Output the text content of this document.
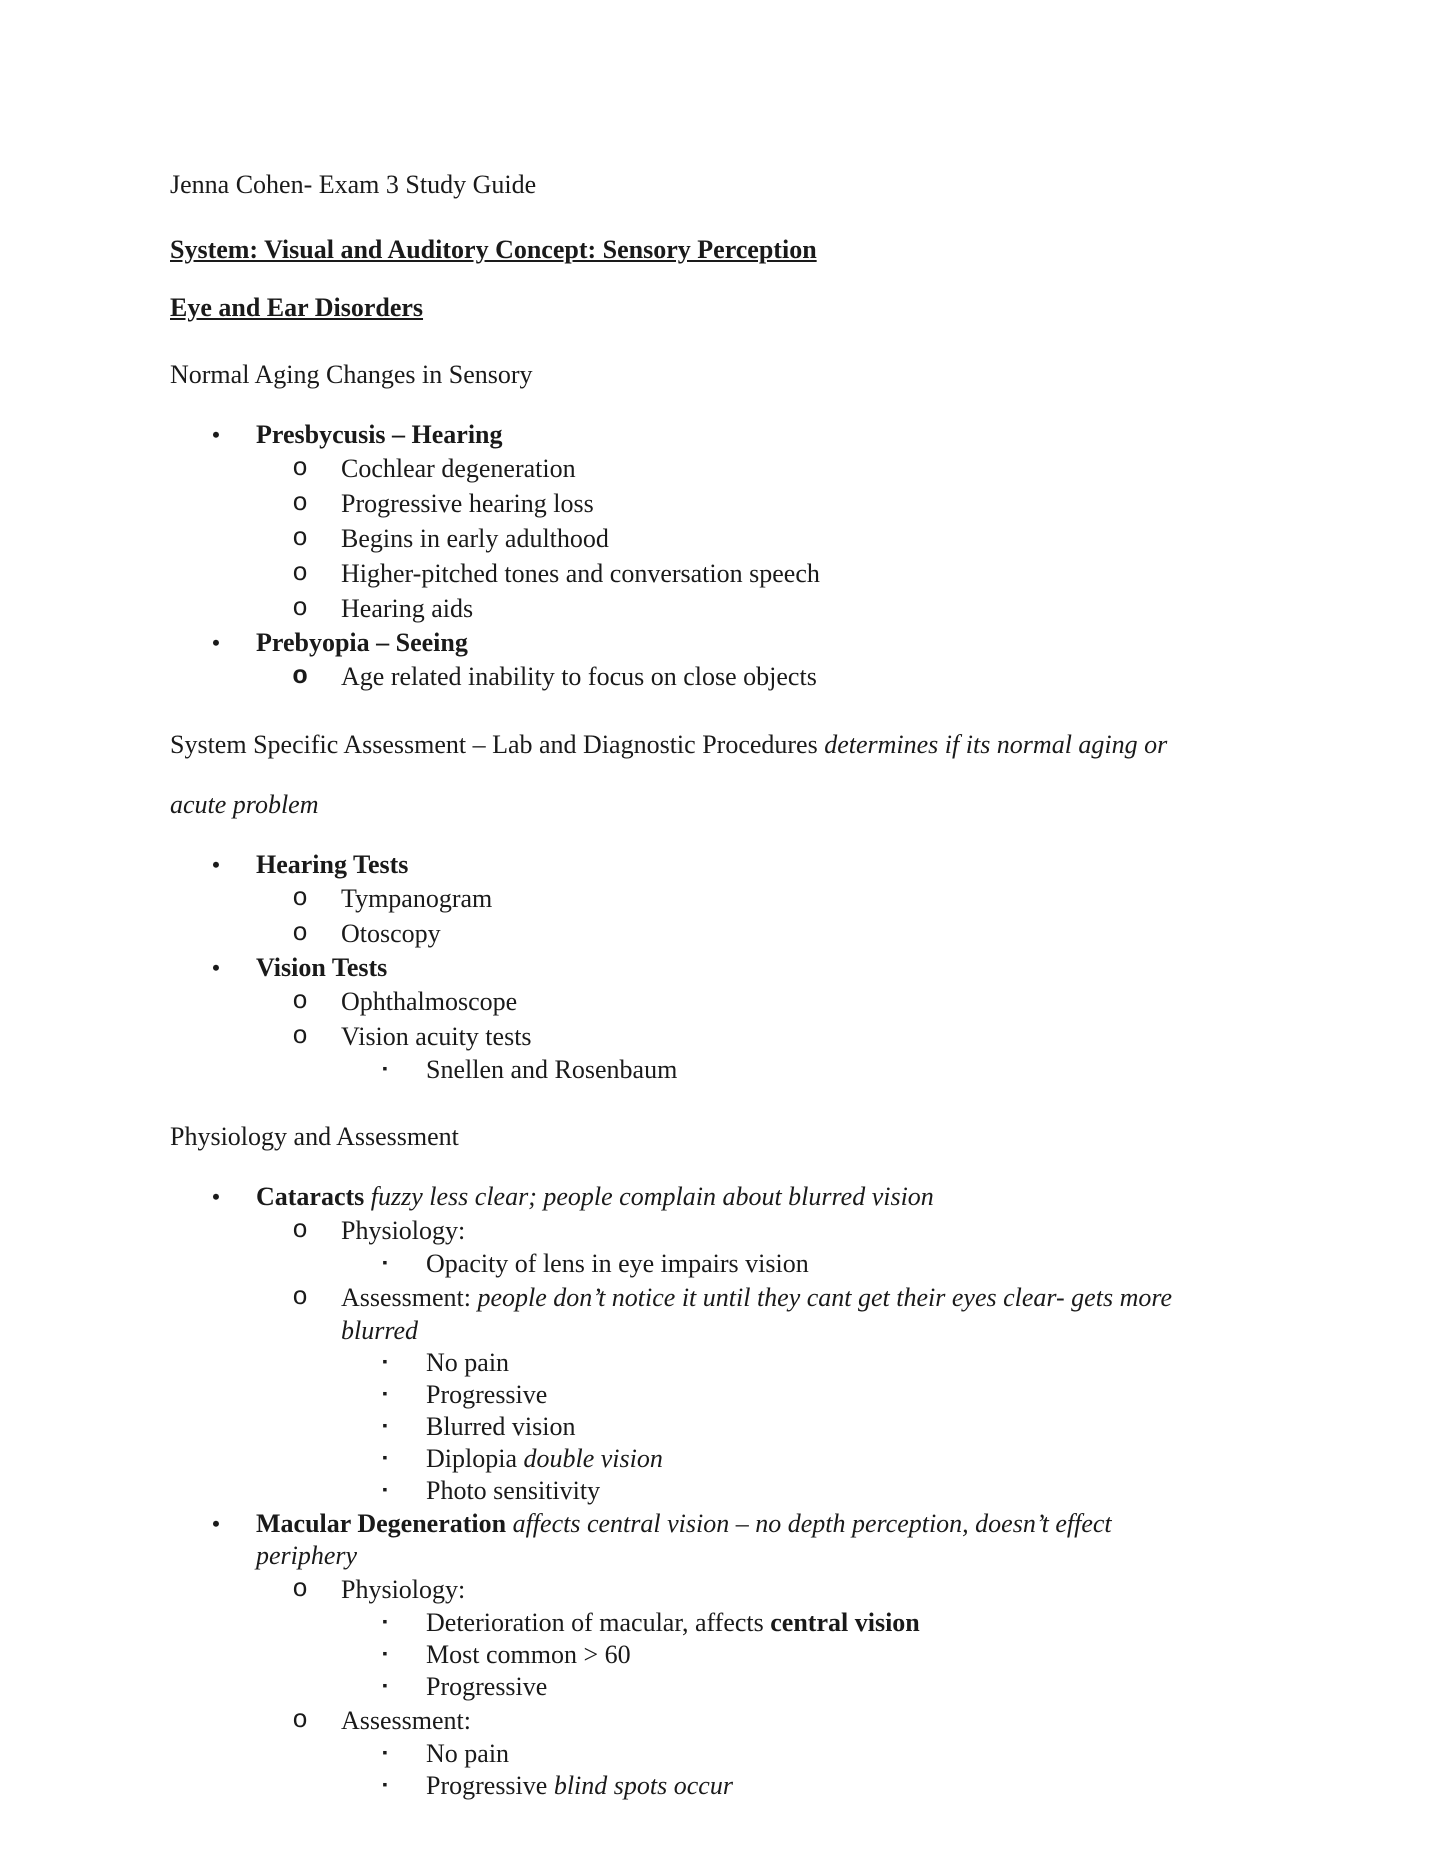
Jenna Cohen- Exam 3 Study Guide

System: Visual and Auditory Concept: Sensory Perception

Eye and Ear Disorders

Normal Aging Changes in Sensory

• Presbycusis – Hearing
o Cochlear degeneration
o Progressive hearing loss
o Begins in early adulthood
o Higher-pitched tones and conversation speech
o Hearing aids
• Prebyopia – Seeing
o Age related inability to focus on close objects

System Specific Assessment – Lab and Diagnostic Procedures determines if its normal aging or

acute problem

• Hearing Tests
o Tympanogram
o Otoscopy
• Vision Tests
o Ophthalmoscope
o Vision acuity tests
▪ Snellen and Rosenbaum

Physiology and Assessment

• Cataracts fuzzy less clear; people complain about blurred vision
o Physiology:
▪ Opacity of lens in eye impairs vision
o Assessment: people don’t notice it until they cant get their eyes clear- gets more
blurred
▪ No pain
▪ Progressive
▪ Blurred vision
▪ Diplopia double vision
▪ Photo sensitivity
• Macular Degeneration affects central vision – no depth perception, doesn’t effect
periphery
o Physiology:
▪ Deterioration of macular, affects central vision
▪ Most common > 60
▪ Progressive
o Assessment:
▪ No pain
▪ Progressive blind spots occur
